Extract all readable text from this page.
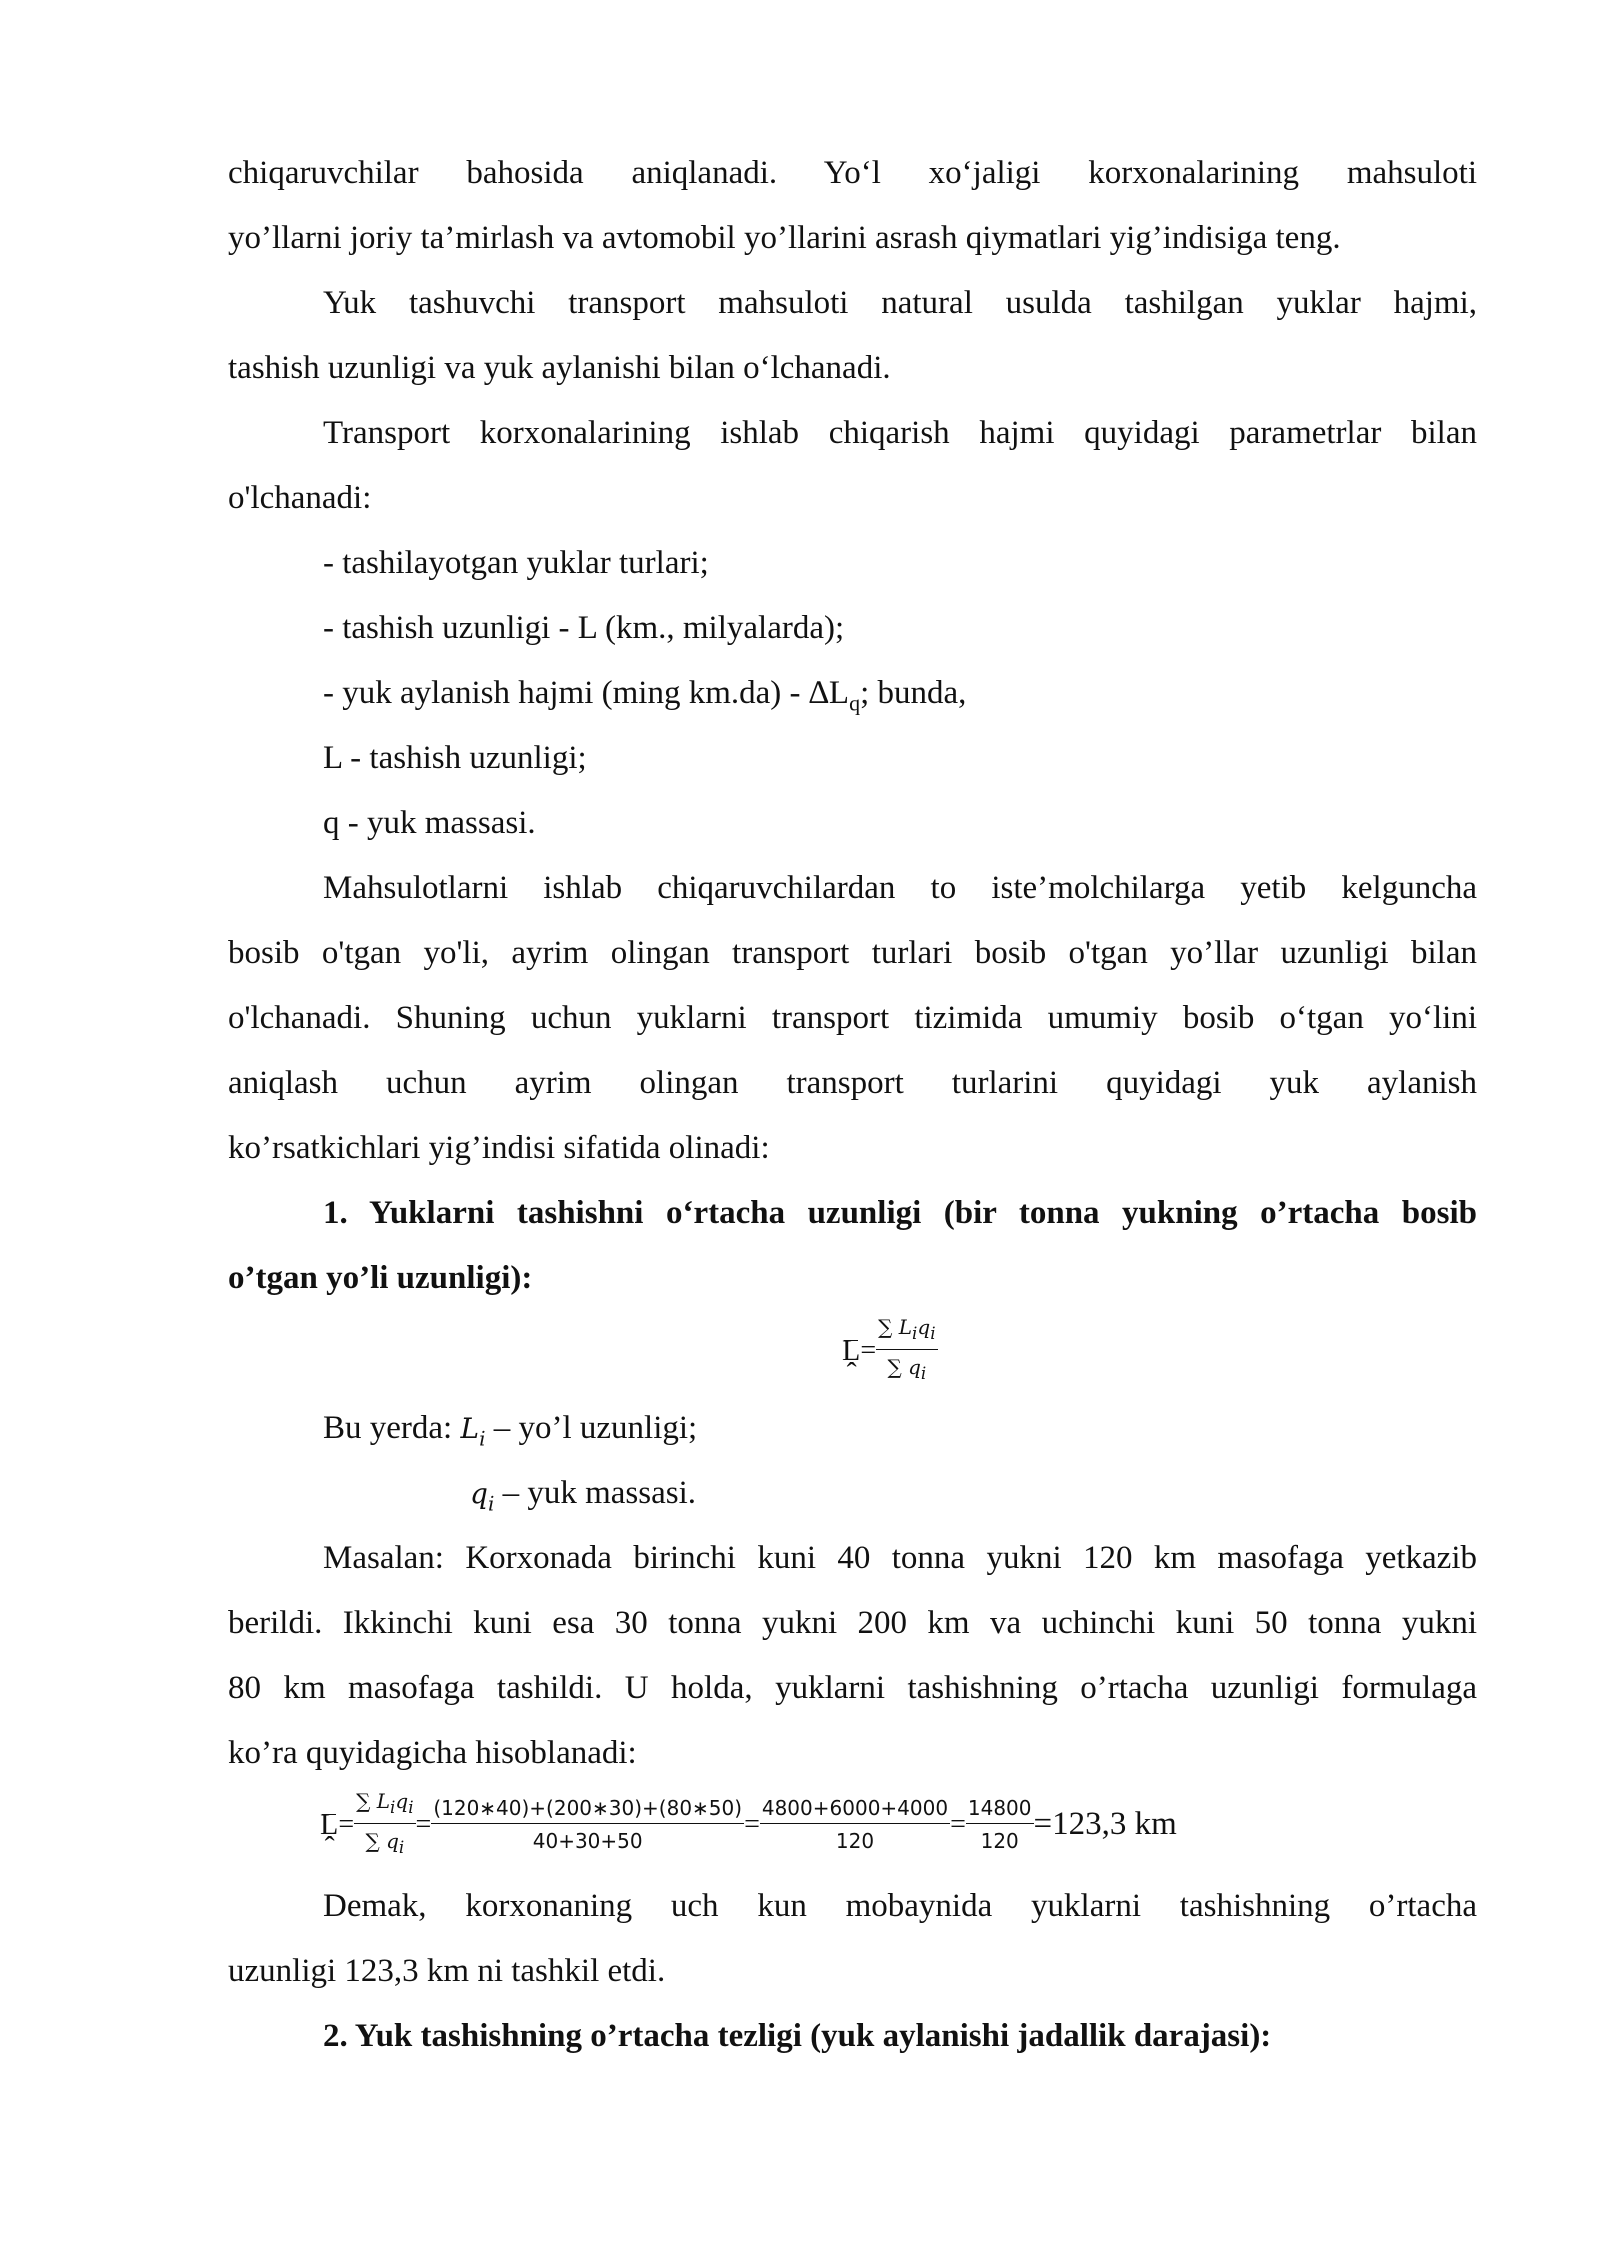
chiqaruvchilar bahosida aniqlanadi. Yo‘l xo‘jaligi korxonalarining mahsuloti
yo’llarni joriy ta’mirlash va avtomobil yo’llarini asrash qiymatlari yig’indisiga teng.
Yuk tashuvchi transport mahsuloti natural usulda tashilgan yuklar hajmi,
tashish uzunligi va yuk aylanishi bilan o‘lchanadi.
Transport korxonalarining ishlab chiqarish hajmi quyidagi parametrlar bilan
o'lchanadi:
- tashilayotgan yuklar turlari;
- tashish uzunligi - L (km., milyalarda);
- yuk aylanish hajmi (ming $km.da) - \Delta L_q$; bunda,
L - tashish uzunligi;
q - yuk massasi.
Mahsulotlarni ishlab chiqaruvchilardan to iste’molchilarga yetib kelguncha
bosib o'tgan yo'li, ayrim olingan transport turlari bosib o'tgan yo’llar uzunligi bilan
o'lchanadi. Shuning uchun yuklarni transport tizimida umumiy bosib o‘tgan yo‘lini
aniqlash uchun ayrim olingan transport turlarini quyidagi yuk aylanish
ko’rsatkichlari yig’indisi sifatida olinadi:
1. Yuklarni tashishni o‘rtacha uzunligi (bir tonna yukning o’rtacha bosib
o’tgan yo’li uzunligi):
Ḽ = $\frac{\sum L_iq_i}{\sum q_i}$
Bu yerda: $L_i$ – yo’l uzunligi;
$q_i$ – yuk massasi.
Masalan: Korxonada birinchi kuni 40 tonna yukni 120 km masofaga yetkazib
berildi. Ikkinchi kuni esa 30 tonna yukni 200 km va uchinchi kuni 50 tonna yukni
80 km masofaga tashildi. U holda, yuklarni tashishning o’rtacha uzunligi formulaga
ko’ra quyidagicha hisoblanadi:
Ḽ = $\frac{\sum L_iq_i}{\sum q_i} = \frac{(120∗40)+(200∗30)+(80∗50)}{40+30+50} = \frac{4800+6000+4000}{120} = \frac{14800}{120} =123,3$ km
Demak, korxonaning uch kun mobaynida yuklarni tashishning o’rtacha
uzunligi 123,3 km ni tashkil etdi.
2. Yuk tashishning o’rtacha tezligi (yuk aylanishi jadallik darajasi):
